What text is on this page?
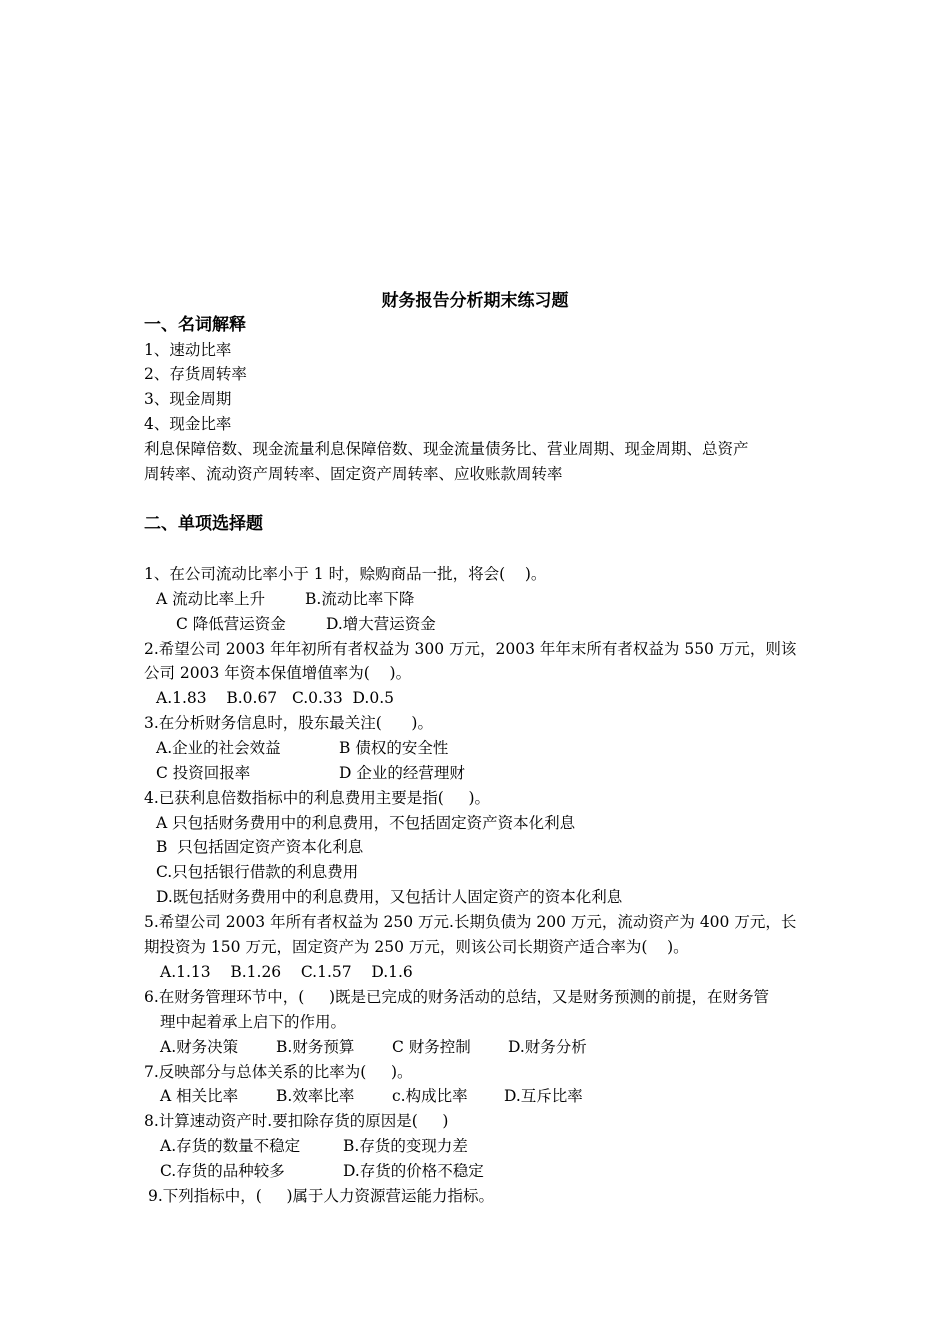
财务报告分析期末练习题
一、名词解释
1、速动比率
2、存货周转率
3、现金周期
4、现金比率
利息保障倍数、现金流量利息保障倍数、现金流量债务比、营业周期、现金周期、总资产
周转率、流动资产周转率、固定资产周转率、应收账款周转率
二、单项选择题
1、在公司流动比率小于 1 时，赊购商品一批，将会(    )。
A 流动比率上升	B.流动比率下降
C 降低营运资金	D.增大营运资金
2.希望公司 2003 年年初所有者权益为 300 万元，2003 年年末所有者权益为 550 万元，则该
公司 2003 年资本保值增值率为(    )。
A.1.83    B.0.67   C.0.33  D.0.5
3.在分析财务信息时，股东最关注(      )。
A.企业的社会效益	B 债权的安全性
C 投资回报率	D 企业的经营理财
4.已获利息倍数指标中的利息费用主要是指(     )。
A 只包括财务费用中的利息费用，不包括固定资产资本化利息
B  只包括固定资产资本化利息
C.只包括银行借款的利息费用
D.既包括财务费用中的利息费用，又包括计人固定资产的资本化利息
5.希望公司 2003 年所有者权益为 250 万元.长期负债为 200 万元，流动资产为 400 万元，长
期投资为 150 万元，固定资产为 250 万元，则该公司长期资产适合率为(    )。
A.1.13    B.1.26    C.1.57    D.1.6
6.在财务管理环节中，(     )既是已完成的财务活动的总结，又是财务预测的前提，在财务管
理中起着承上启下的作用。
A.财务决策 B.财务预算 C 财务控制 D.财务分析
7.反映部分与总体关系的比率为(     )。
A 相关比率 B.效率比率 c.构成比率 D.互斥比率
8.计算速动资产时.要扣除存货的原因是(     )
A.存货的数量不稳定	B.存货的变现力差
C.存货的品种较多	D.存货的价格不稳定
9.下列指标中，(     )属于人力资源营运能力指标。
